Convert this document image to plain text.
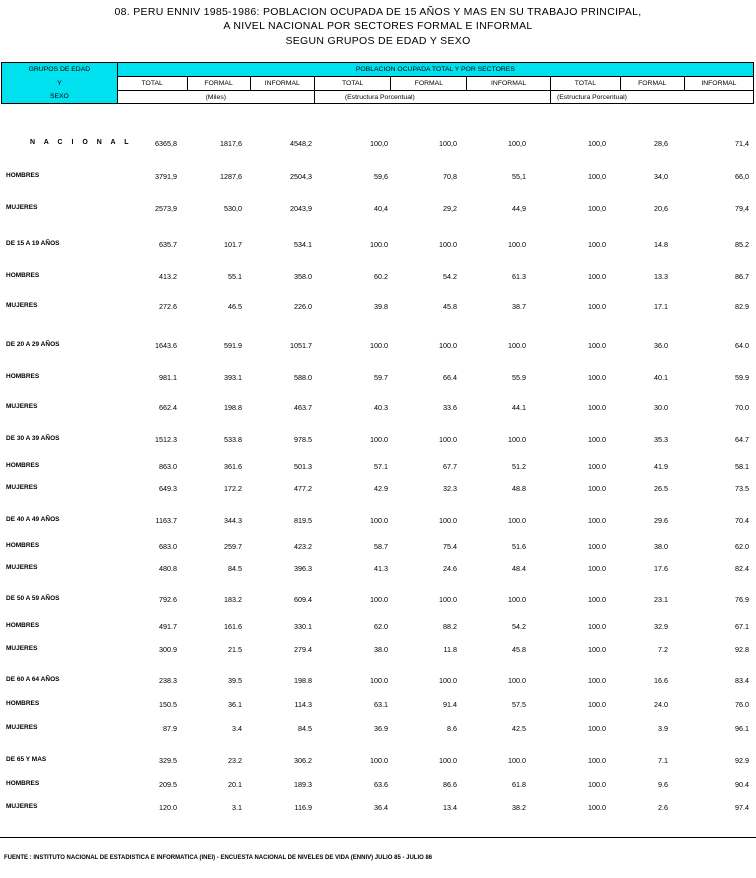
08. PERU ENNIV 1985-1986: POBLACION OCUPADA DE 15 AÑOS Y MAS EN SU TRABAJO PRINCIPAL,
A NIVEL NACIONAL POR SECTORES FORMAL E INFORMAL
SEGUN GRUPOS DE EDAD Y SEXO
GRUPOS DE EDAD	POBLACION OCUPADA TOTAL Y POR SECTORES								
Y	TOTAL	FORMAL	INFORMAL	TOTAL	FORMAL	INFORMAL	TOTAL	FORMAL	INFORMAL
SEXO	(Miles)			(Estructura Porcentual)			(Estructura Porcentual)		
N A C I O N A L	6365,8	1817,6	4548,2	100,0	100,0	100,0	100,0	28,6	71,4
HOMBRES	3791,9	1287,6	2504,3	59,6	70,8	55,1	100,0	34,0	66,0
MUJERES	2573,9	530,0	2043,9	40,4	29,2	44,9	100,0	20,6	79,4
DE 15 A 19 AÑOS	635.7	101.7	534.1	100.0	100.0	100.0	100.0	14.8	85.2
HOMBRES	413.2	55.1	358.0	60.2	54.2	61.3	100.0	13.3	86.7
MUJERES	272.6	46.5	226.0	39.8	45.8	38.7	100.0	17.1	82.9
DE 20 A 29 AÑOS	1643.6	591.9	1051.7	100.0	100.0	100.0	100.0	36.0	64.0
HOMBRES	981.1	393.1	588.0	59.7	66.4	55.9	100.0	40.1	59.9
MUJERES	662.4	198.8	463.7	40.3	33.6	44.1	100.0	30.0	70.0
DE 30 A 39 AÑOS	1512.3	533.8	978.5	100.0	100.0	100.0	100.0	35.3	64.7
HOMBRES	863.0	361.6	501.3	57.1	67.7	51.2	100.0	41.9	58.1
MUJERES	649.3	172.2	477.2	42.9	32.3	48.8	100.0	26.5	73.5
DE 40 A 49 AÑOS	1163.7	344.3	819.5	100.0	100.0	100.0	100.0	29.6	70.4
HOMBRES	683.0	259.7	423.2	58.7	75.4	51.6	100.0	38.0	62.0
MUJERES	480.8	84.5	396.3	41.3	24.6	48.4	100.0	17.6	82.4
DE 50 A 59 AÑOS	792.6	183.2	609.4	100.0	100.0	100.0	100.0	23.1	76.9
HOMBRES	491.7	161.6	330.1	62.0	88.2	54.2	100.0	32.9	67.1
MUJERES	300.9	21.5	279.4	38.0	11.8	45.8	100.0	7.2	92.8
DE 60 A 64 AÑOS	238.3	39.5	198.8	100.0	100.0	100.0	100.0	16.6	83.4
HOMBRES	150.5	36.1	114.3	63.1	91.4	57.5	100.0	24.0	76.0
MUJERES	87.9	3.4	84.5	36.9	8.6	42.5	100.0	3.9	96.1
DE 65 Y MAS	329.5	23.2	306.2	100.0	100.0	100.0	100.0	7.1	92.9
HOMBRES	209.5	20.1	189.3	63.6	86.6	61.8	100.0	9.6	90.4
MUJERES	120.0	3.1	116.9	36.4	13.4	38.2	100.0	2.6	97.4
FUENTE : INSTITUTO NACIONAL DE ESTADISTICA E INFORMATICA (INEI) - ENCUESTA NACIONAL DE NIVELES DE VIDA (ENNIV) JULIO 85 - JULIO 86
